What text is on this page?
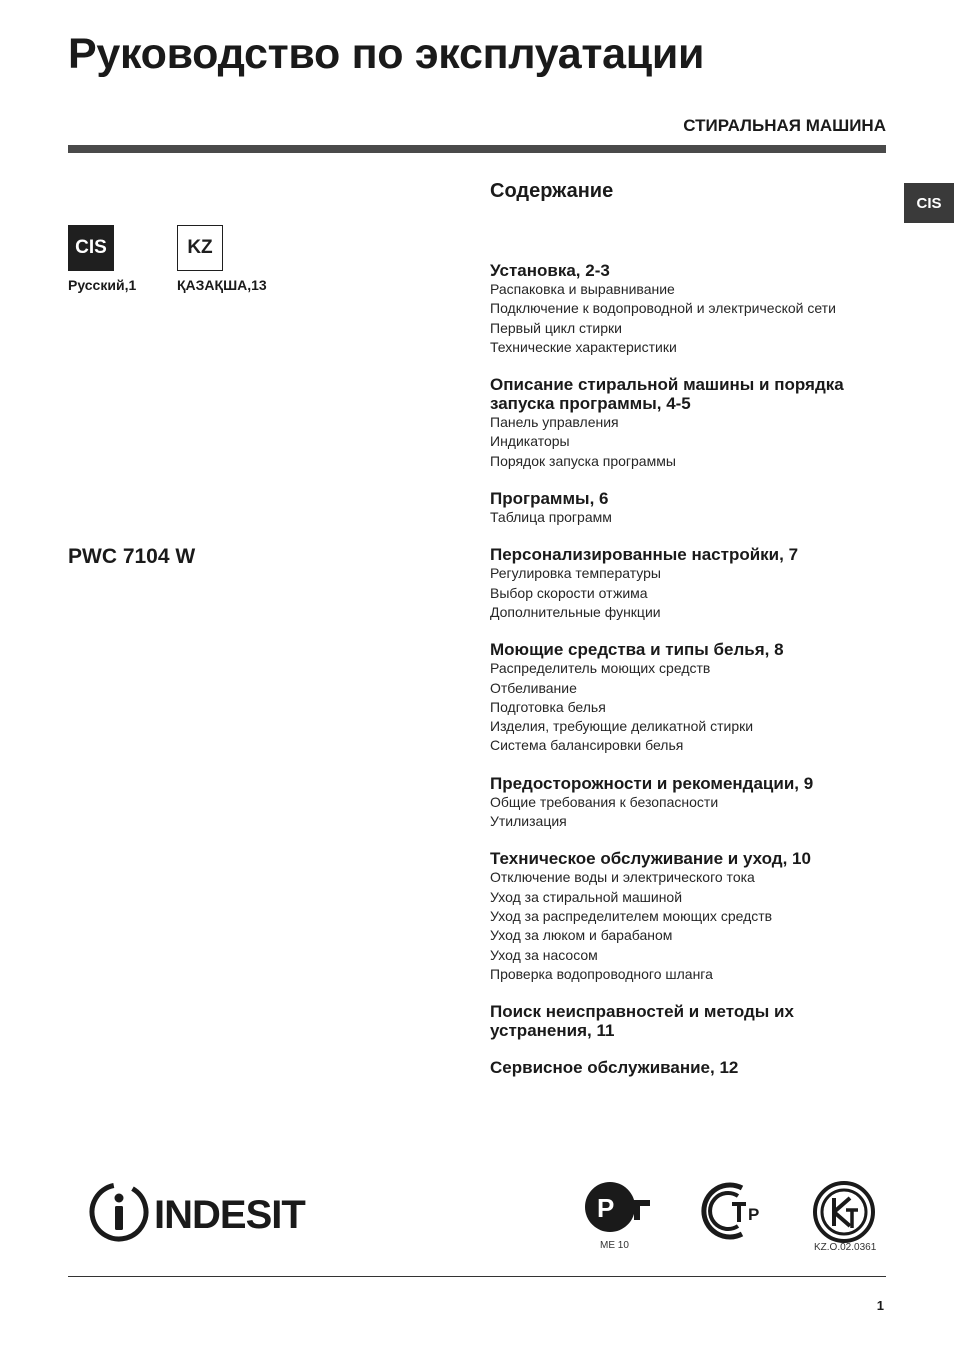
Руководство по эксплуатации
СТИРАЛЬНАЯ МАШИНА
CIS
CIS
Русский,1
KZ
ҚАЗАҚША,13
PWC 7104 W
Содержание
Установка, 2-3
Распаковка и выравнивание
Подключение к водопроводной и электрической сети
Первый цикл стирки
Технические характеристики
Описание стиральной машины и порядка запуска программы, 4-5
Панель управления
Индикаторы
Порядок запуска программы
Программы, 6
Таблица программ
Персонализированные настройки, 7
Регулировка температуры
Выбор скорости отжима
Дополнительные функции
Моющие средства и типы белья, 8
Распределитель моющих средств
Отбеливание
Подготовка белья
Изделия, требующие деликатной стирки
Система балансировки белья
Предосторожности и рекомендации, 9
Общие требования к безопасности
Утилизация
Техническое обслуживание и уход, 10
Отключение воды и электрического тока
Уход за стиральной машиной
Уход за распределителем моющих средств
Уход за люком и барабаном
Уход за насосом
Проверка водопроводного шланга
Поиск неисправностей и методы их устранения, 11
Сервисное обслуживание, 12
INDESIT	P
ME 10
P
KZ.O.02.0361
1
